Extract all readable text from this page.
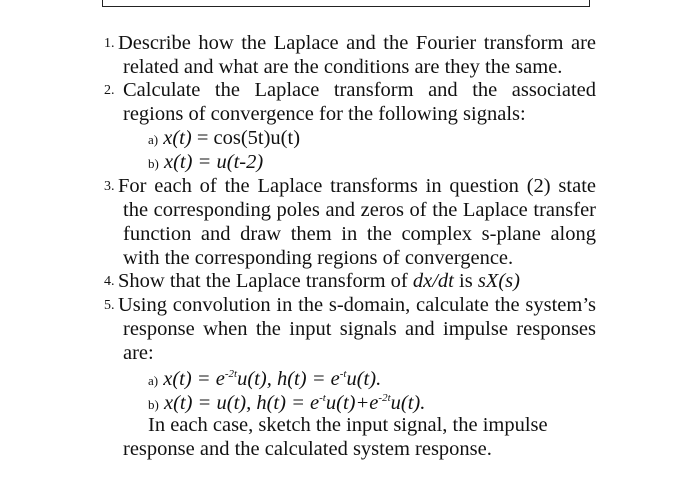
1. Describe how the Laplace and the Fourier transform are
related and what are the conditions are they the same.
2. Calculate the Laplace transform and the associated
regions of convergence for the following signals:
a) x(t) = cos(5t)u(t)
b) x(t) = u(t-2)
3. For each of the Laplace transforms in question (2) state
the corresponding poles and zeros of the Laplace transfer
function and draw them in the complex s-plane along
with the corresponding regions of convergence.
4. Show that the Laplace transform of dx/dt is sX(s)
5. Using convolution in the s-domain, calculate the system’s
response when the input signals and impulse responses
are:
a) $x(t) = e^{-2t}u(t)$, $h(t) = e^{-t}u(t)$.
b) x(t) = u(t), $h(t) = e^{-t}u(t)+e^{-2t}u(t)$.
In each case, sketch the input signal, the impulse
response and the calculated system response.
